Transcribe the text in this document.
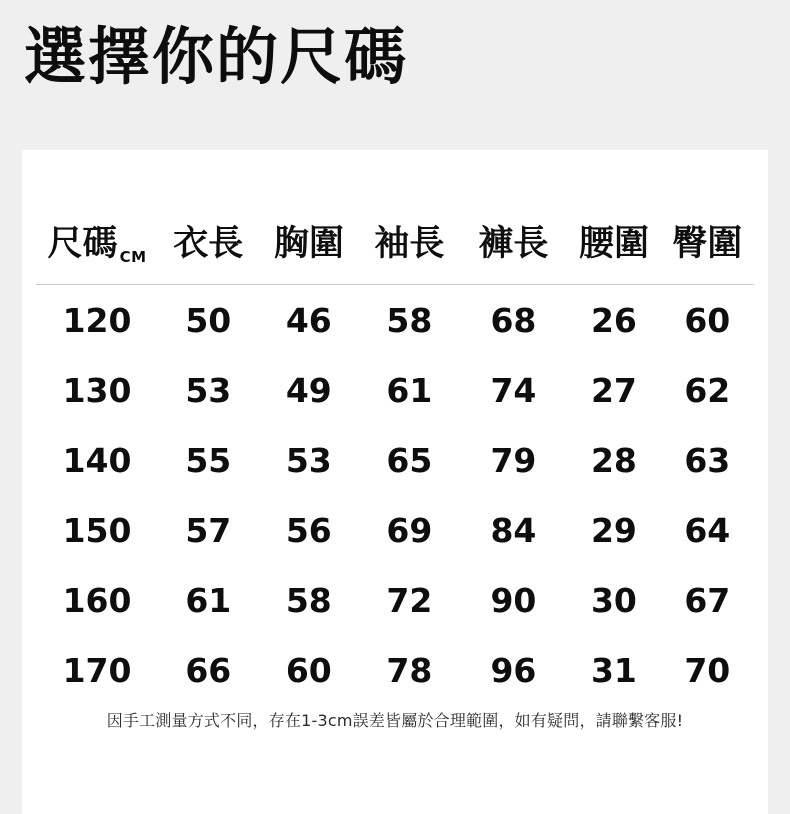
選擇你的尺碼
尺碼 CM	衣長	胸圍	袖長	褲長	腰圍	臀圍
120	50	46	58	68	26	60
130	53	49	61	74	27	62
140	55	53	65	79	28	63
150	57	56	69	84	29	64
160	61	58	72	90	30	67
170	66	60	78	96	31	70
因手工測量方式不同，存在1-3cm誤差皆屬於合理範圍，如有疑問，請聯繫客服!
